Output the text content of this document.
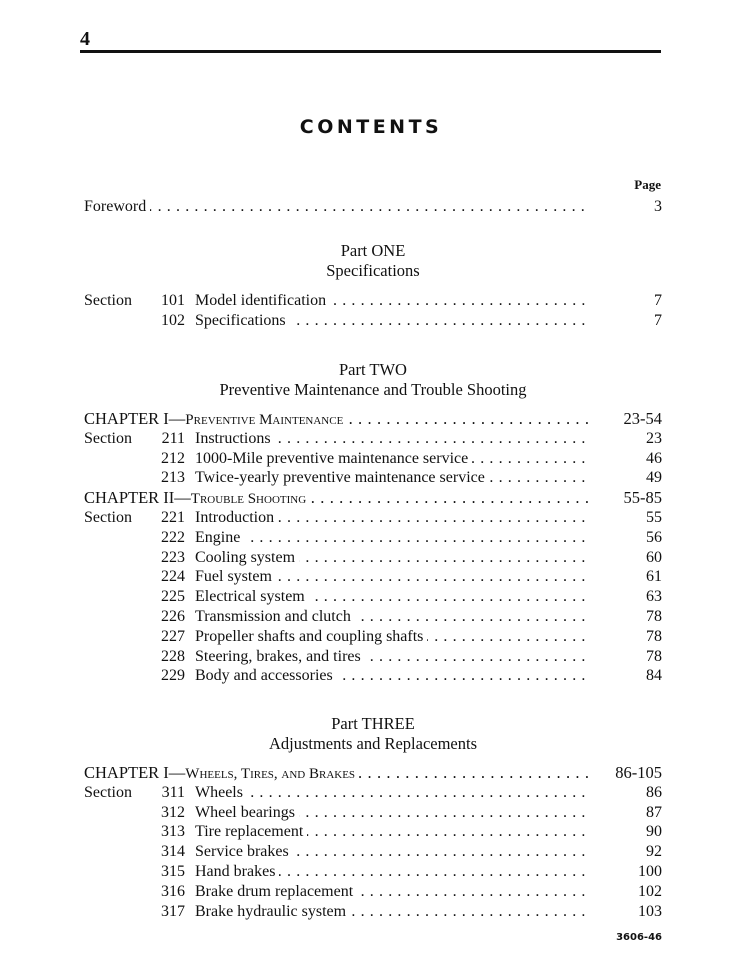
4
CONTENTS
Page
Foreword . . .	3
Part ONE
Specifications
Section	101 Model identification . . .	7
102 Specifications . . .	7
Part TWO
Preventive Maintenance and Trouble Shooting
CHAPTER I—Preventive Maintenance . . .	23-54
Section	211 Instructions . . .	23
212 1000-Mile preventive maintenance service . . .	46
213 Twice-yearly preventive maintenance service . . .	49
CHAPTER II—Trouble Shooting . . .	55-85
Section	221 Introduction . . .	55
222 Engine . . .	56
223 Cooling system . . .	60
224 Fuel system . . .	61
225 Electrical system . . .	63
226 Transmission and clutch . . .	78
227 Propeller shafts and coupling shafts . . .	78
228 Steering, brakes, and tires . . .	78
229 Body and accessories . . .	84
Part THREE
Adjustments and Replacements
CHAPTER I—Wheels, Tires, and Brakes . . .	86-105
Section	311 Wheels . . .	86
312 Wheel bearings . . .	87
313 Tire replacement . . .	90
314 Service brakes . . .	92
315 Hand brakes . . .	100
316 Brake drum replacement . . .	102
317 Brake hydraulic system . . .	103
3606-46
